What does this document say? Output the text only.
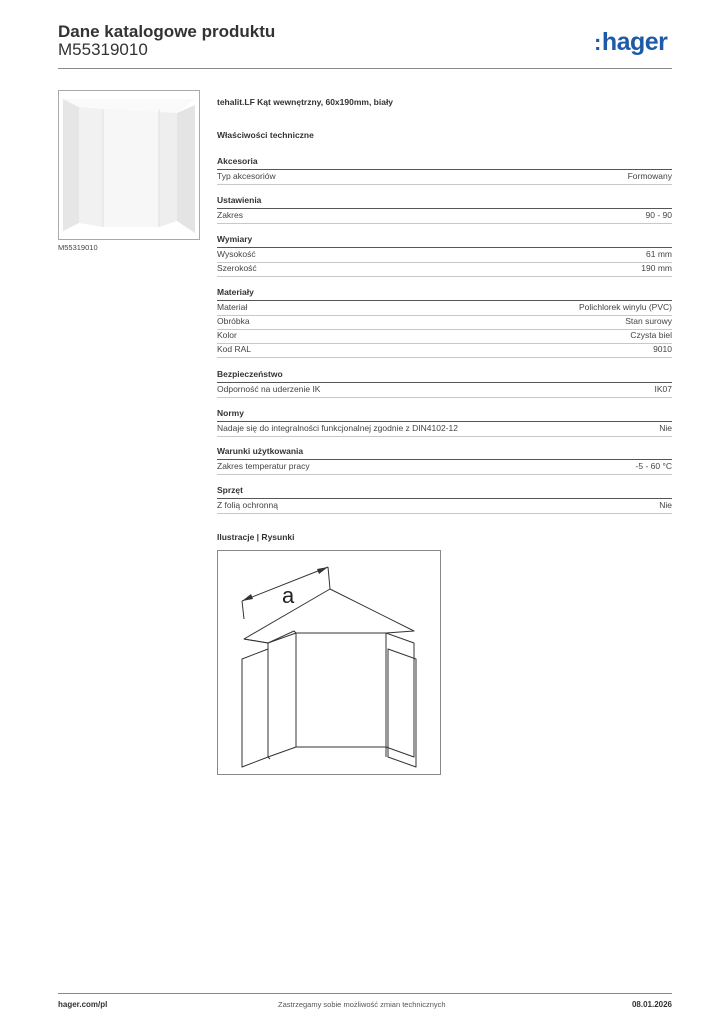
Dane katalogowe produktu
M55319010	:hager
M55319010
tehalit.LF Kąt wewnętrzny, 60x190mm, biały
Właściwości techniczne
Akcesoria
Typ akcesoriów	Formowany
Ustawienia
Zakres	90 - 90
Wymiary
Wysokość	61 mm
Szerokość	190 mm
Materiały
Materiał	Polichlorek winylu (PVC)
Obróbka	Stan surowy
Kolor	Czysta biel
Kod RAL	9010
Bezpieczeństwo
Odporność na uderzenie IK	IK07
Normy
Nadaje się do integralności funkcjonalnej zgodnie z DIN4102-12	Nie
Warunki użytkowania
Zakres temperatur pracy	-5 - 60 °C
Sprzęt
Z folią ochronną	Nie
Ilustracje | Rysunki
a
hager.com/pl	Zastrzegamy sobie możliwość zmian technicznych	08.01.2026
